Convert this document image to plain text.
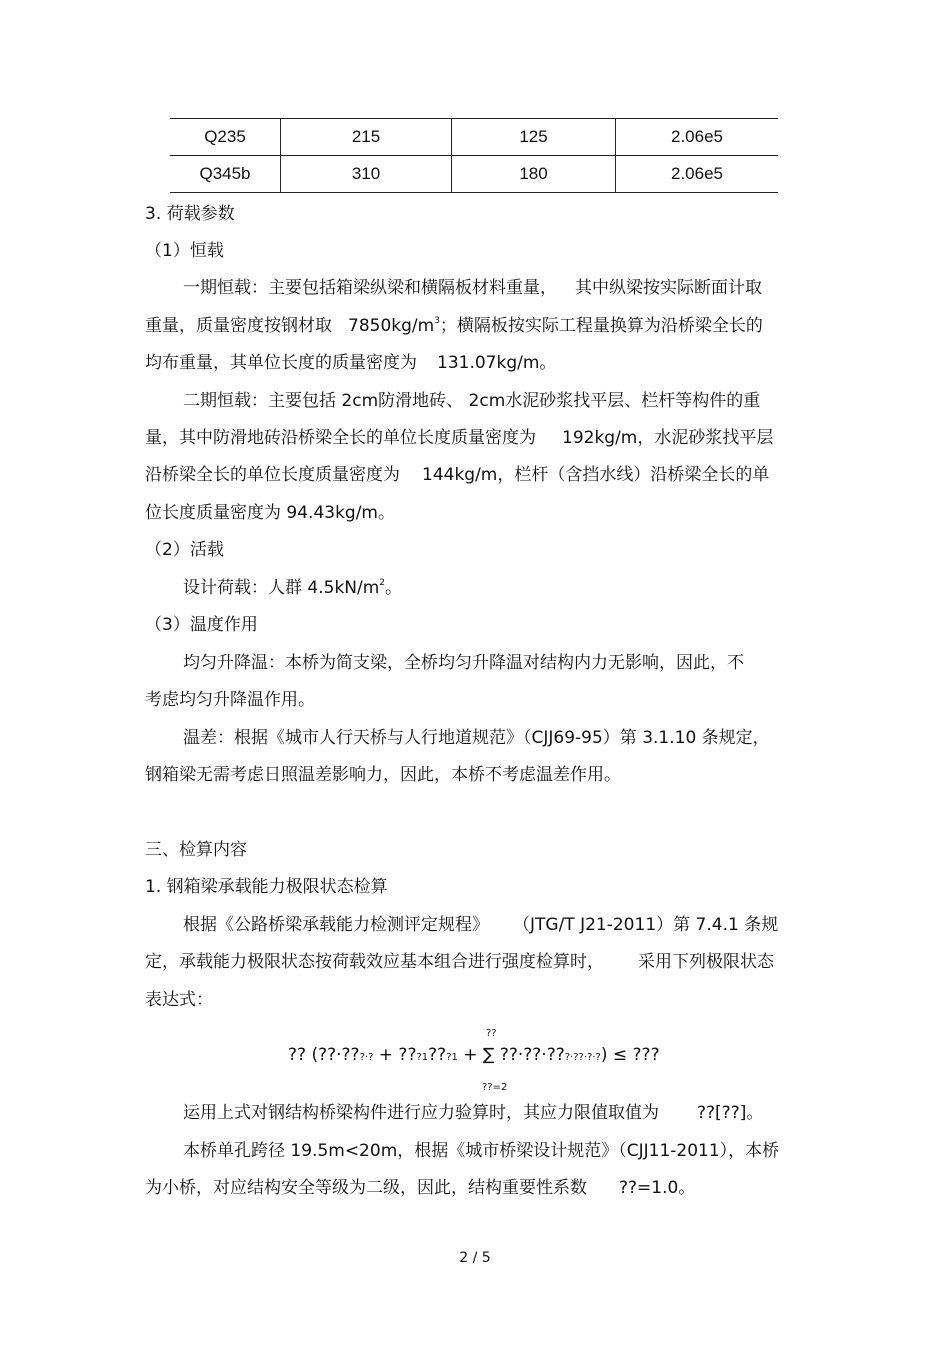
Q235	215	125	2.06e5
Q345b	310	180	2.06e5
3. 荷载参数
（1）恒载
一期恒载：主要包括箱梁纵梁和横隔板材料重量， 其中纵梁按实际断面计取
重量，质量密度按钢材取 $7850kg/m^3$；横隔板按实际工程量换算为沿桥梁全长的
均布重量，其单位长度的质量密度为 131.07kg/m。
二期恒载：主要包括 2cm防滑地砖、 2cm水泥砂浆找平层、栏杆等构件的重
量，其中防滑地砖沿桥梁全长的单位长度质量密度为 192kg/m，水泥砂浆找平层
沿桥梁全长的单位长度质量密度为 144kg/m，栏杆（含挡水线）沿桥梁全长的单
位长度质量密度为 94.43kg/m。
（2）活载
设计荷载：人群 $4.5kN/m^2$。
（3）温度作用
均匀升降温：本桥为简支梁，全桥均匀升降温对结构内力无影响，因此，不
考虑均匀升降温作用。
温差：根据《城市人行天桥与人行地道规范》（CJJ69-95）第 3.1.10 条规定，
钢箱梁无需考虑日照温差影响力，因此，本桥不考虑温差作用。
三、检算内容
1. 钢箱梁承载能力极限状态检算
根据《公路桥梁承载能力检测评定规程》 （JTG/T J21-2011）第 7.4.1 条规
定，承载能力极限状态按荷载效应基本组合进行强度检算时， 采用下列极限状态
表达式：
??
?? (??·???·? + ???1???1 + ∑ ??·??·???·??·?·?) ≤ ???
??=2
运用上式对钢结构桥梁构件进行应力验算时，其应力限值取值为 ??[??]。
本桥单孔跨径 19.5m<20m，根据《城市桥梁设计规范》（CJJ11-2011），本桥
为小桥，对应结构安全等级为二级，因此，结构重要性系数 ??=1.0。
2 / 5
